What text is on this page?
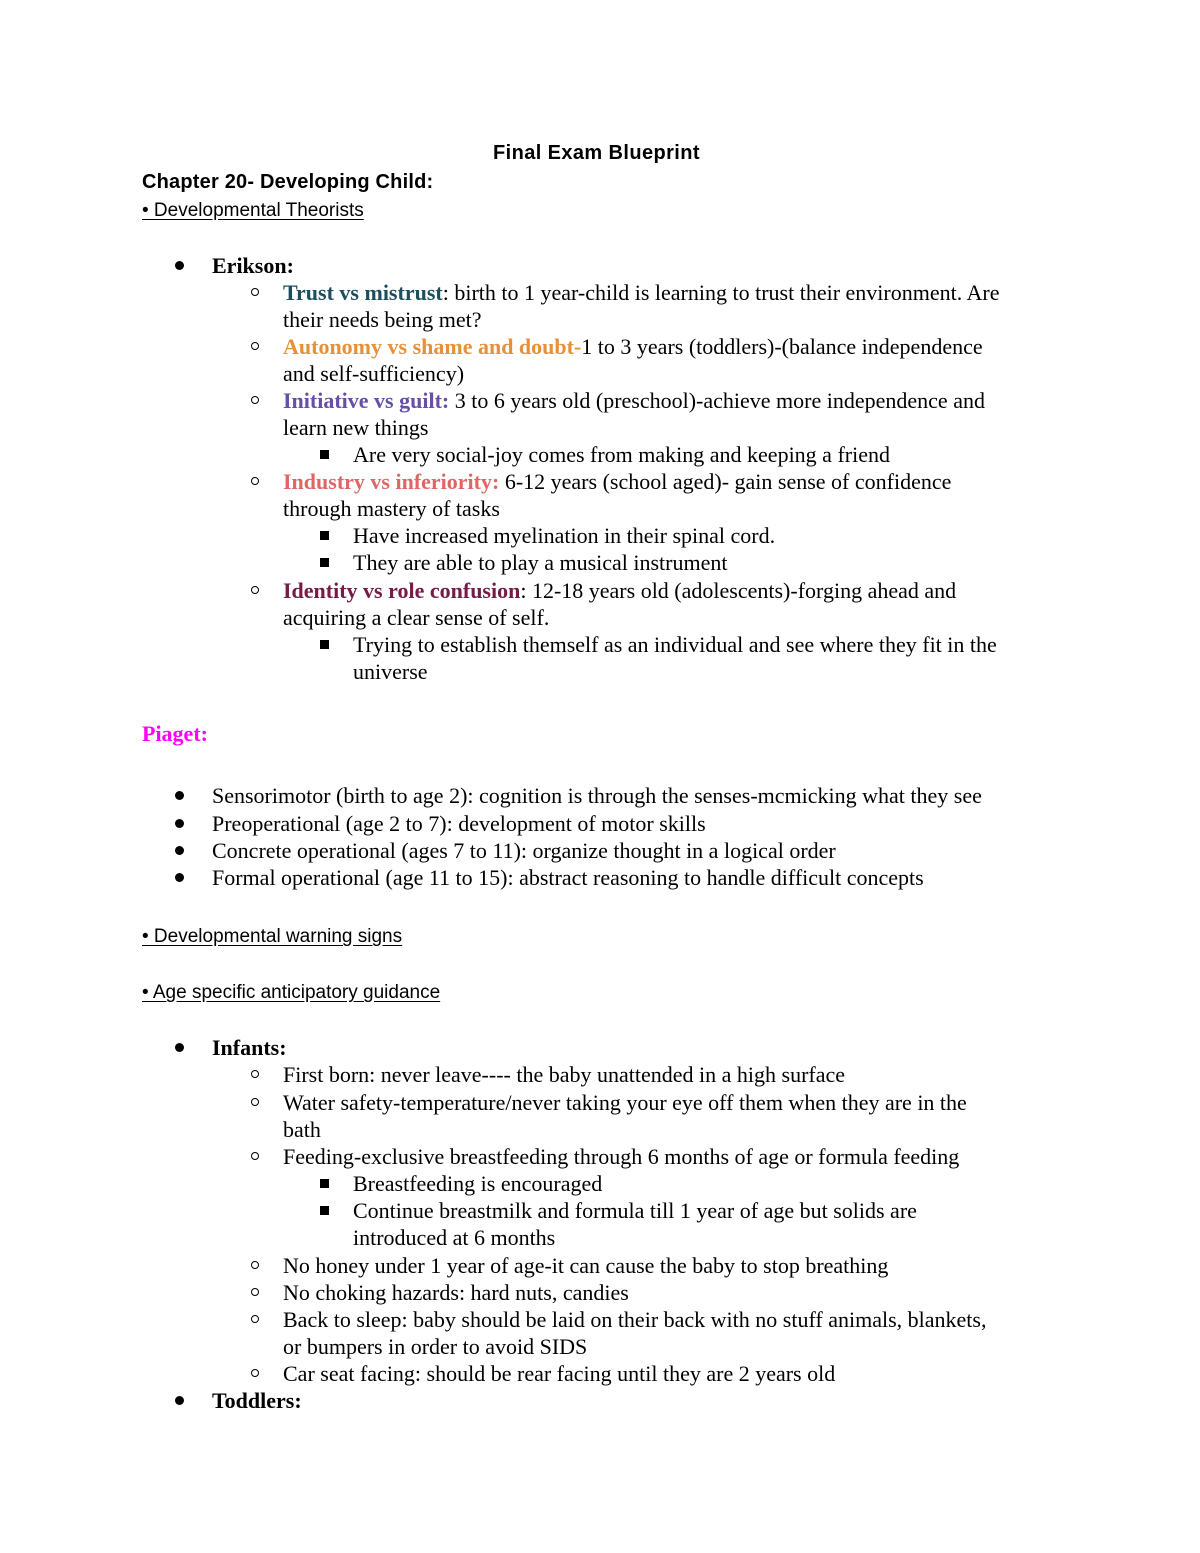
Final Exam Blueprint
Chapter 20- Developing Child:
• Developmental Theorists
Erikson:
Trust vs mistrust: birth to 1 year-child is learning to trust their environment. Are
their needs being met?
Autonomy vs shame and doubt-1 to 3 years (toddlers)-(balance independence
and self-sufficiency)
Initiative vs guilt: 3 to 6 years old (preschool)-achieve more independence and
learn new things
Are very social-joy comes from making and keeping a friend
Industry vs inferiority: 6-12 years (school aged)- gain sense of confidence
through mastery of tasks
Have increased myelination in their spinal cord.
They are able to play a musical instrument
Identity vs role confusion: 12-18 years old (adolescents)-forging ahead and
acquiring a clear sense of self.
Trying to establish themself as an individual and see where they fit in the
universe
Piaget:
Sensorimotor (birth to age 2): cognition is through the senses-mcmicking what they see
Preoperational (age 2 to 7): development of motor skills
Concrete operational (ages 7 to 11): organize thought in a logical order
Formal operational (age 11 to 15): abstract reasoning to handle difficult concepts
• Developmental warning signs
• Age specific anticipatory guidance
Infants:
First born: never leave---- the baby unattended in a high surface
Water safety-temperature/never taking your eye off them when they are in the
bath
Feeding-exclusive breastfeeding through 6 months of age or formula feeding
Breastfeeding is encouraged
Continue breastmilk and formula till 1 year of age but solids are
introduced at 6 months
No honey under 1 year of age-it can cause the baby to stop breathing
No choking hazards: hard nuts, candies
Back to sleep: baby should be laid on their back with no stuff animals, blankets,
or bumpers in order to avoid SIDS
Car seat facing: should be rear facing until they are 2 years old
Toddlers:
